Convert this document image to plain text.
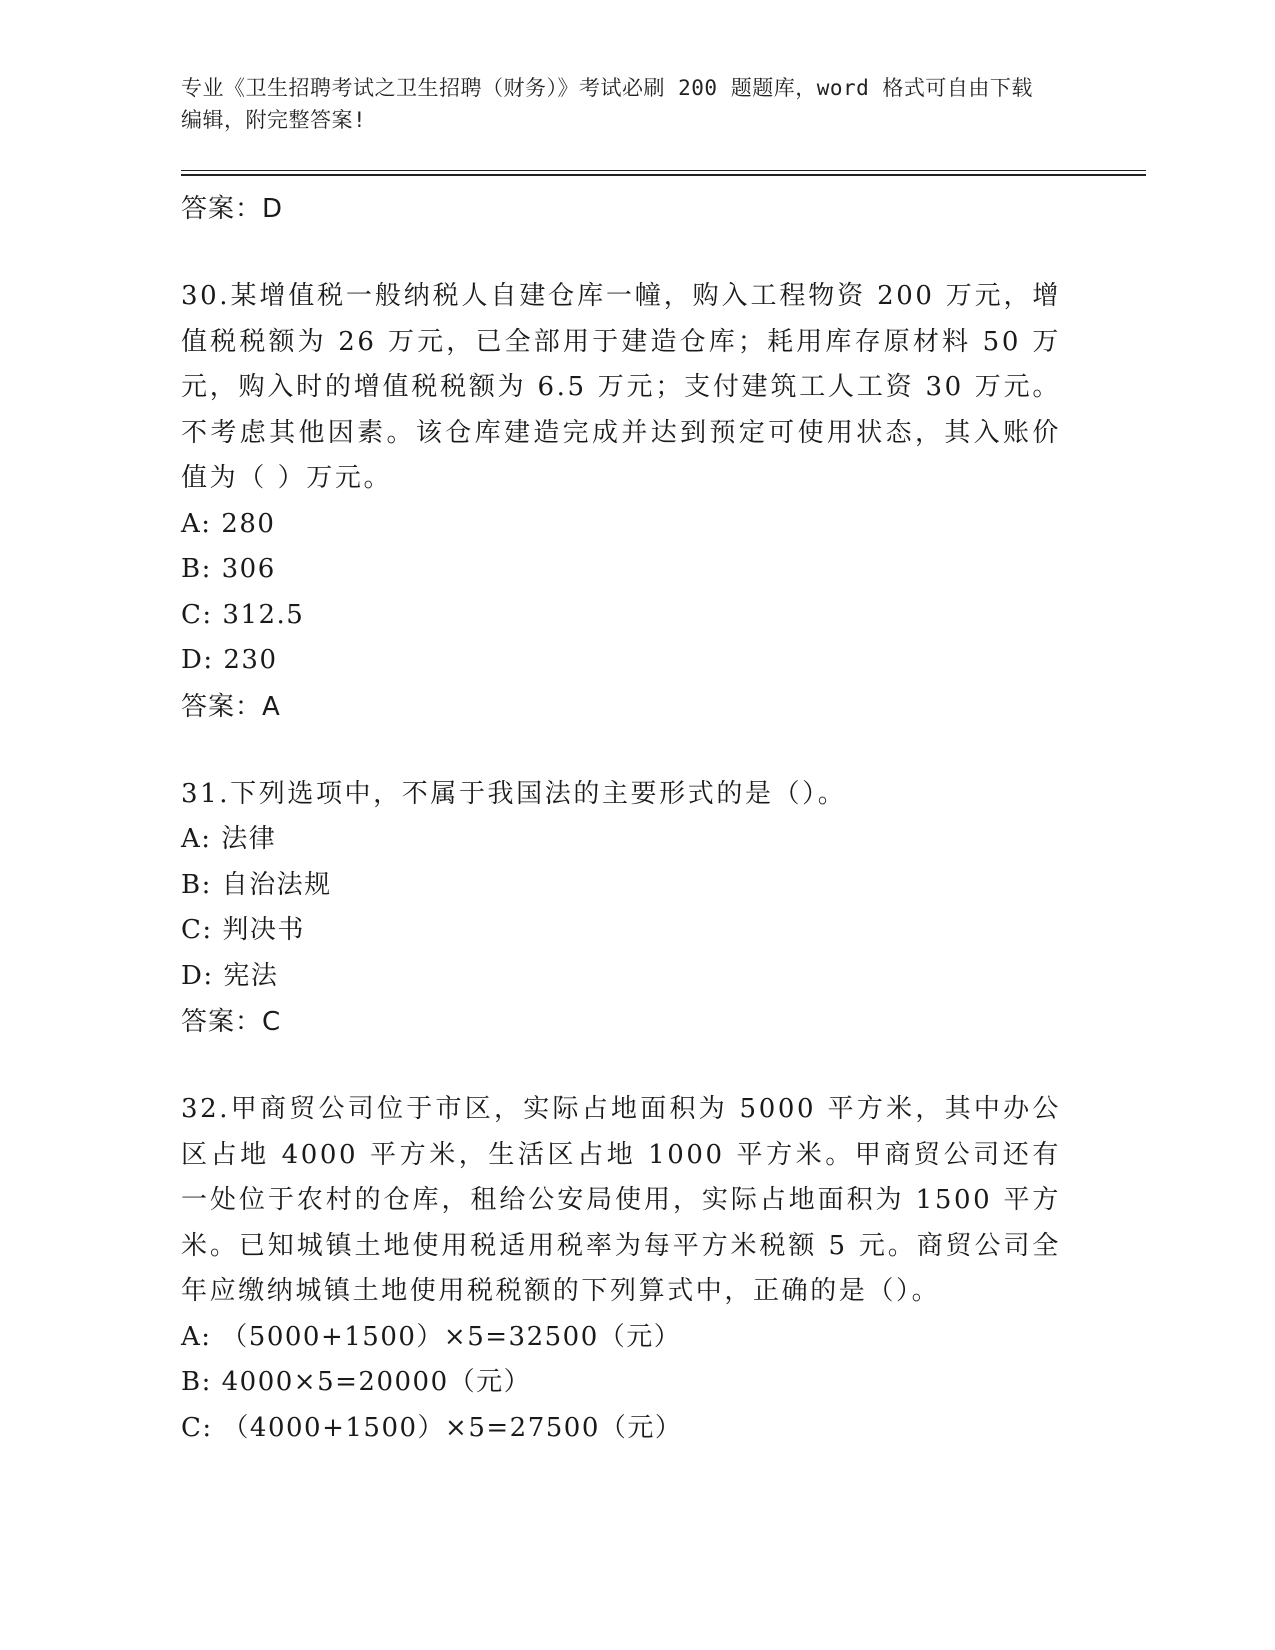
专业《卫生招聘考试之卫生招聘（财务）》考试必刷 200 题题库，word 格式可自由下载编辑，附完整答案!
答案：D
30.某增值税一般纳税人自建仓库一幢，购入工程物资 200 万元，增值税税额为 26 万元，已全部用于建造仓库；耗用库存原材料 50 万元，购入时的增值税税额为 6.5 万元；支付建筑工人工资 30 万元。不考虑其他因素。该仓库建造完成并达到预定可使用状态，其入账价值为（ ）万元。
A: 280
B: 306
C: 312.5
D: 230
答案：A
31.下列选项中，不属于我国法的主要形式的是（）。
A: 法律
B: 自治法规
C: 判决书
D: 宪法
答案：C
32.甲商贸公司位于市区，实际占地面积为 5000 平方米，其中办公区占地 4000 平方米，生活区占地 1000 平方米。甲商贸公司还有一处位于农村的仓库，租给公安局使用，实际占地面积为 1500 平方米。已知城镇土地使用税适用税率为每平方米税额 5 元。商贸公司全年应缴纳城镇土地使用税税额的下列算式中，正确的是（）。
A: （5000+1500）×5=32500（元）
B: 4000×5=20000（元）
C: （4000+1500）×5=27500（元）
